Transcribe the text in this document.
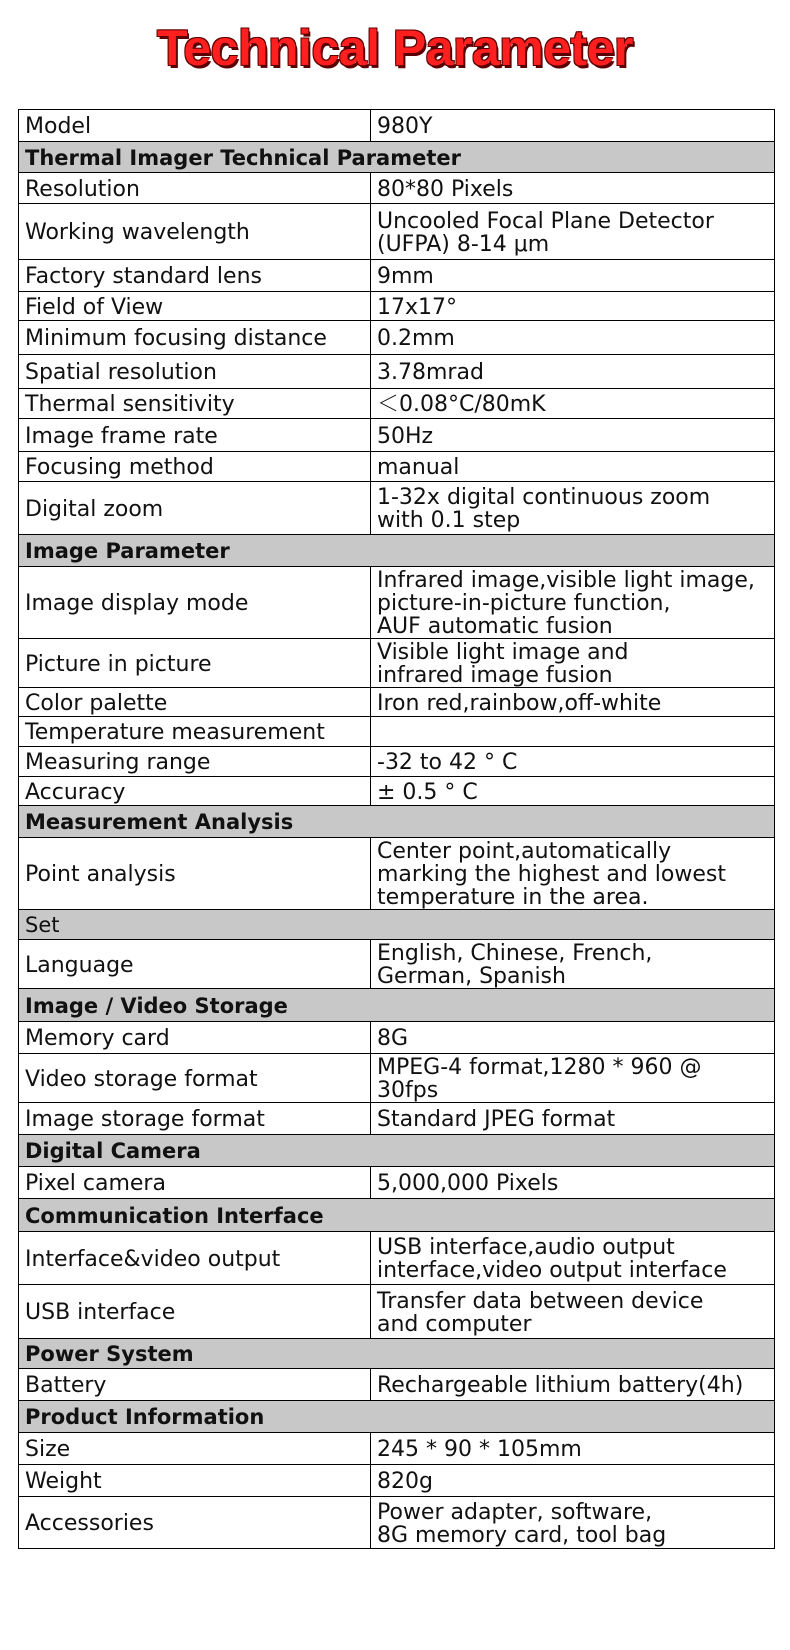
Technical Parameter
Model	980Y
Thermal Imager Technical Parameter	
Resolution	80*80 Pixels
Working wavelength	Uncooled Focal Plane Detector
(UFPA) 8-14 μm
Factory standard lens	9mm
Field of View	17x17°
Minimum focusing distance	0.2mm
Spatial resolution	3.78mrad
Thermal sensitivity	＜0.08°C/80mK
Image frame rate	50Hz
Focusing method	manual
Digital zoom	1-32x digital continuous zoom
with 0.1 step
Image Parameter	
Image display mode	Infrared image,visible light image,
picture-in-picture function,
AUF automatic fusion
Picture in picture	Visible light image and
infrared image fusion
Color palette	Iron red,rainbow,off-white
Temperature measurement	
Measuring range	-32 to 42 ° C
Accuracy	± 0.5 ° C
Measurement Analysis	
Point analysis	Center point,automatically
marking the highest and lowest
temperature in the area.
Set	
Language	English, Chinese, French,
German, Spanish
Image / Video Storage	
Memory card	8G
Video storage format	MPEG-4 format,1280 * 960 @ 30fps
Image storage format	Standard JPEG format
Digital Camera	
Pixel camera	5,000,000 Pixels
Communication Interface	
Interface&video output	USB interface,audio output
interface,video output interface
USB interface	Transfer data between device
and computer
Power System	
Battery	Rechargeable lithium battery(4h)
Product Information	
Size	245 * 90 * 105mm
Weight	820g
Accessories	Power adapter, software,
8G memory card, tool bag
